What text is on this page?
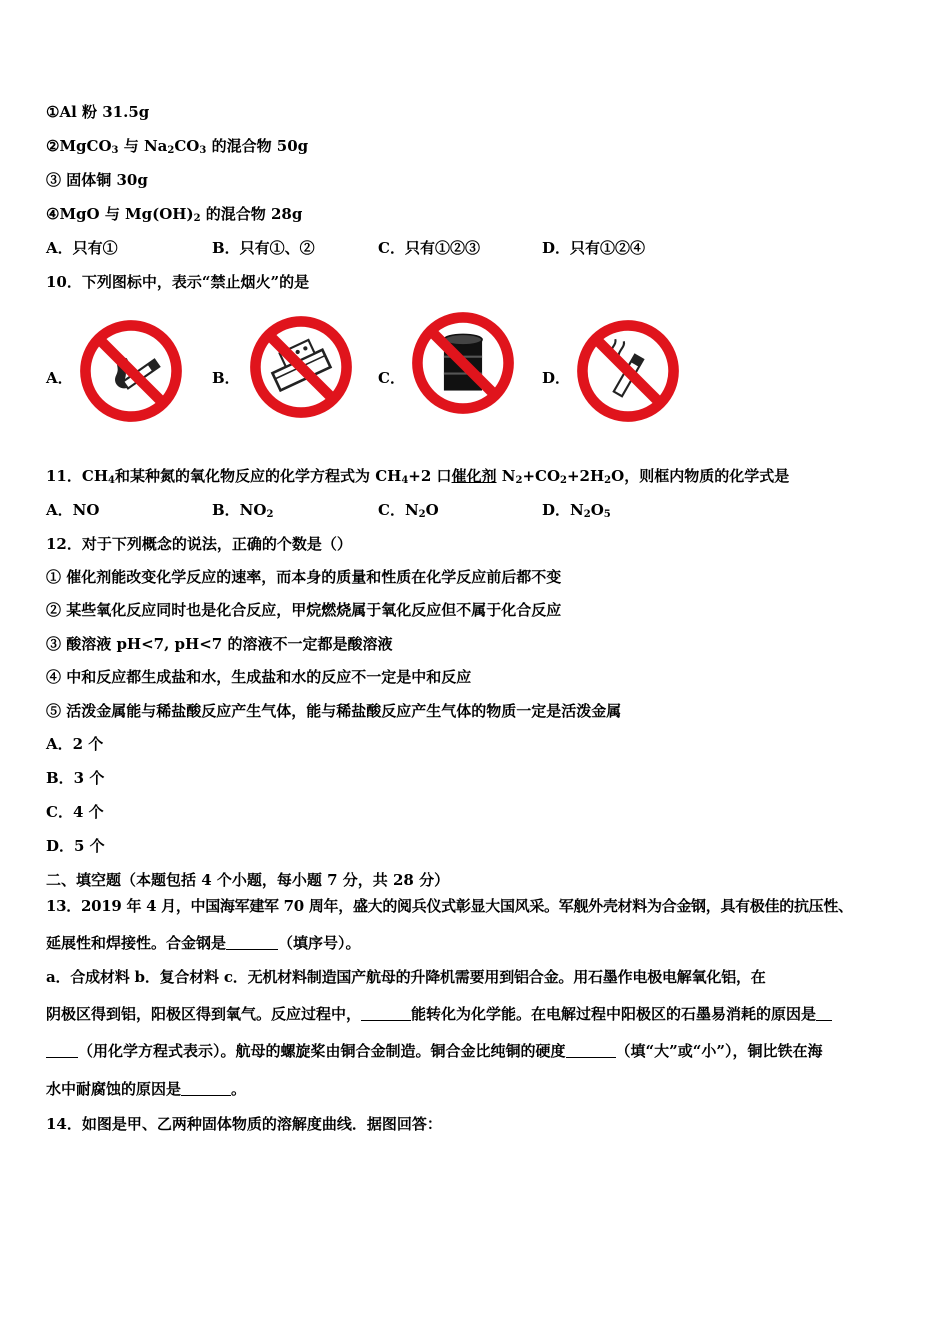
①Al 粉 31.5g
②MgCO$_3$ 与 $Na_2CO_3$ 的混合物 50g
③ 固体铜 30g
④MgO 与 $Mg(OH)_2$ 的混合物 28g
A．只有①	B．只有①、②	C．只有①②③	D．只有①②④
10．下列图标中，表示“禁止烟火”的是
A．	B．	C．	D．
11．$CH_4$和某种氮的氧化物反应的化学方程式为 $CH_4+2$ 口催化剂 $N_2+CO_2+2H_2O$，则框内物质的化学式是
A．NO	B．$NO_2$	C．$N_2O$	D．$N_2O_5$
12．对于下列概念的说法，正确的个数是（）
① 催化剂能改变化学反应的速率，而本身的质量和性质在化学反应前后都不变
② 某些氧化反应同时也是化合反应，甲烷燃烧属于氧化反应但不属于化合反应
③ 酸溶液 pH<7, pH<7 的溶液不一定都是酸溶液
④ 中和反应都生成盐和水，生成盐和水的反应不一定是中和反应
⑤ 活泼金属能与稀盐酸反应产生气体，能与稀盐酸反应产生气体的物质一定是活泼金属
A．2 个
B．3 个
C．4 个
D．5 个
二、填空题（本题包括 4 个小题，每小题 7 分，共 28 分）
13．2019 年 4 月，中国海军建军 70 周年，盛大的阅兵仪式彰显大国风采。军舰外壳材料为合金钢，具有极佳的抗压性、
延展性和焊接性。合金钢是	（填序号）。
a．合成材料 b．复合材料 c．无机材料制造国产航母的升降机需要用到铝合金。用石墨作电极电解氧化铝，在
阴极区得到铝，阳极区得到氧气。反应过程中，	能转化为化学能。在电解过程中阳极区的石墨易消耗的原因是
（用化学方程式表示）。航母的螺旋桨由铜合金制造。铜合金比纯铜的硬度	（填“大”或“小”），铜比铁在海
水中耐腐蚀的原因是	。
14．如图是甲、乙两种固体物质的溶解度曲线．据图回答：
